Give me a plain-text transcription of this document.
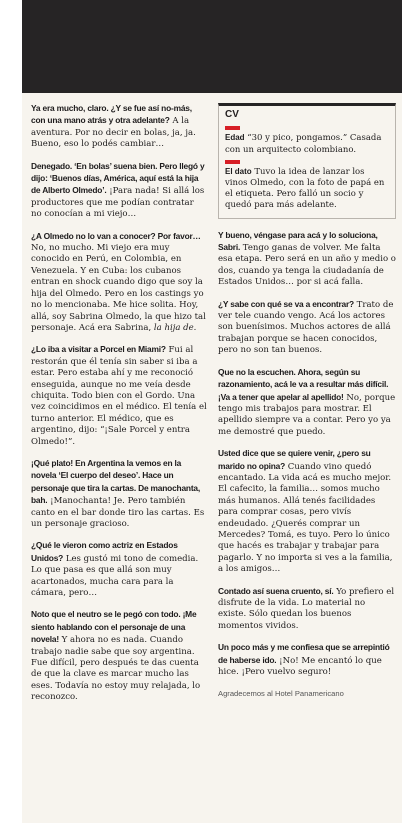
Ya era mucho, claro. ¿Y se fue así no-más, con una mano atrás y otra adelante? A la aventura. Por no decir en bolas, ja, ja. Bueno, eso lo podés cambiar…

Denegado. ‘En bolas’ suena bien. Pero llegó y dijo: ‘Buenos días, América, aquí está la hija de Alberto Olmedo’. ¡Para nada! Si allá los productores que me podían contratar no conocían a mi viejo…

¿A Olmedo no lo van a conocer? Por favor… No, no mucho. Mi viejo era muy conocido en Perú, en Colombia, en Venezuela. Y en Cuba: los cubanos entran en shock cuando digo que soy la hija del Olmedo. Pero en los castings yo no lo mencionaba. Me hice solita. Hoy, allá, soy Sabrina Olmedo, la que hizo tal personaje. Acá era Sabrina, la hija de.

¿Lo iba a visitar a Porcel en Miami? Fui al restorán que él tenía sin saber si iba a estar. Pero estaba ahí y me reconoció enseguida, aunque no me veía desde chiquita. Todo bien con el Gordo. Una vez coincidimos en el médico. El tenía el turno anterior. El médico, que es argentino, dijo: “¡Sale Porcel y entra Olmedo!”.

¡Qué plato! En Argentina la vemos en la novela ‘El cuerpo del deseo’. Hace un personaje que tira la cartas. De manochanta, bah. ¡Manochanta! Je. Pero también canto en el bar donde tiro las cartas. Es un personaje gracioso.

¿Qué le vieron como actriz en Estados Unidos? Les gustó mi tono de comedia. Lo que pasa es que allá son muy acartonados, mucha cara para la cámara, pero…

Noto que el neutro se le pegó con todo. ¡Me siento hablando con el personaje de una novela! Y ahora no es nada. Cuando trabajo nadie sabe que soy argentina. Fue difícil, pero después te das cuenta de que la clave es marcar mucho las eses. Todavía no estoy muy relajada, lo reconozco.

CV
Edad “30 y pico, pongamos.” Casada con un arquitecto colombiano.
El dato Tuvo la idea de lanzar los vinos Olmedo, con la foto de papá en el etiqueta. Pero falló un socio y quedó para más adelante.

Y bueno, véngase para acá y lo soluciona, Sabri. Tengo ganas de volver. Me falta esa etapa. Pero será en un año y medio o dos, cuando ya tenga la ciudadanía de Estados Unidos… por si acá falla.

¿Y sabe con qué se va a encontrar? Trato de ver tele cuando vengo. Acá los actores son buenísimos. Muchos actores de allá trabajan porque se hacen conocidos, pero no son tan buenos.

Que no la escuchen. Ahora, según su razonamiento, acá le va a resultar más difícil. ¡Va a tener que apelar al apellido! No, porque tengo mis trabajos para mostrar. El apellido siempre va a contar. Pero yo ya me demostré que puedo.

Usted dice que se quiere venir, ¿pero su marido no opina? Cuando vino quedó encantado. La vida acá es mucho mejor. El cafecito, la familia… somos mucho más humanos. Allá tenés facilidades para comprar cosas, pero vivís endeudado. ¿Querés comprar un Mercedes? Tomá, es tuyo. Pero lo único que hacés es trabajar y trabajar para pagarlo. Y no importa si ves a la familia, a los amigos…

Contado así suena cruento, sí. Yo prefiero el disfrute de la vida. Lo material no existe. Sólo quedan los buenos momentos vividos.

Un poco más y me confiesa que se arrepintió de haberse ido. ¡No! Me encantó lo que hice. ¡Pero vuelvo seguro!

Agradecemos al Hotel Panamericano
